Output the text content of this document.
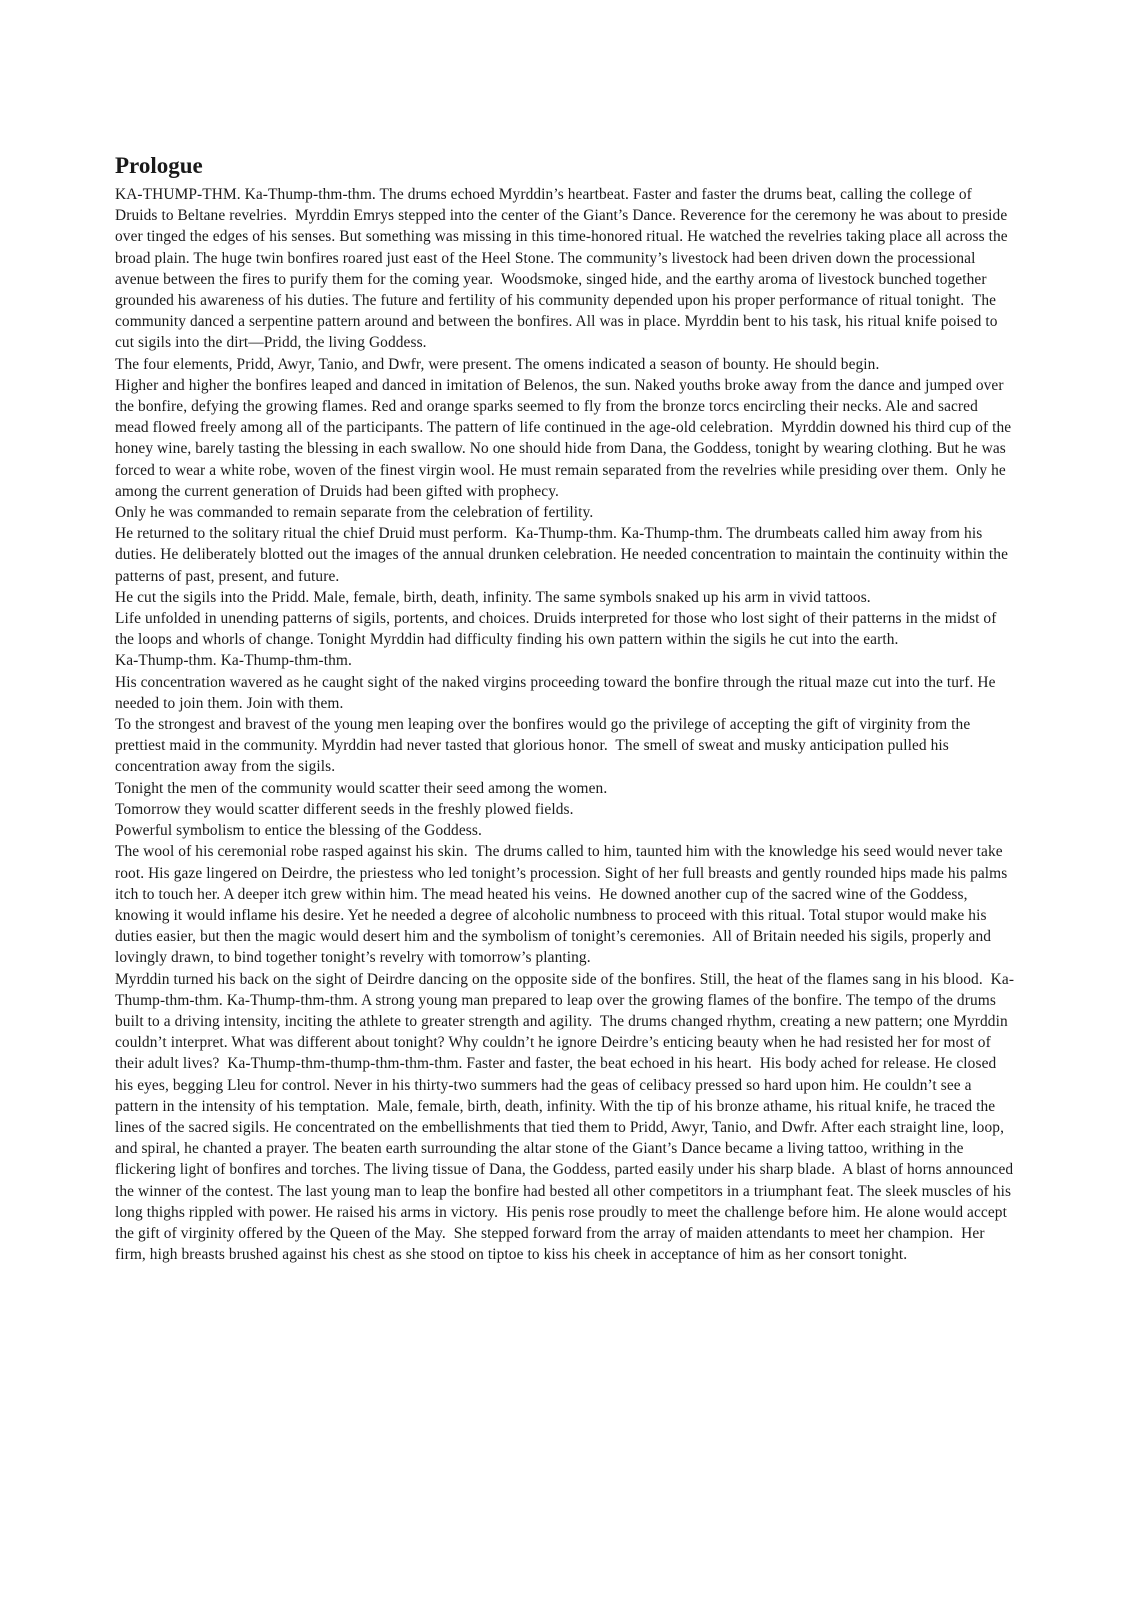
Prologue

KA-THUMP-THM. Ka-Thump-thm-thm. The drums echoed Myrddin’s heartbeat. Faster and faster the drums beat, calling the college of Druids to Beltane revelries.  Myrddin Emrys stepped into the center of the Giant’s Dance. Reverence for the ceremony he was about to preside over tinged the edges of his senses. But something was missing in this time-honored ritual. He watched the revelries taking place all across the broad plain. The huge twin bonfires roared just east of the Heel Stone. The community’s livestock had been driven down the processional avenue between the fires to purify them for the coming year.  Woodsmoke, singed hide, and the earthy aroma of livestock bunched together grounded his awareness of his duties. The future and fertility of his community depended upon his proper performance of ritual tonight.  The community danced a serpentine pattern around and between the bonfires. All was in place. Myrddin bent to his task, his ritual knife poised to cut sigils into the dirt—Pridd, the living Goddess.

The four elements, Pridd, Awyr, Tanio, and Dwfr, were present. The omens indicated a season of bounty. He should begin.

Higher and higher the bonfires leaped and danced in imitation of Belenos, the sun. Naked youths broke away from the dance and jumped over the bonfire, defying the growing flames. Red and orange sparks seemed to fly from the bronze torcs encircling their necks. Ale and sacred mead flowed freely among all of the participants. The pattern of life continued in the age-old celebration.  Myrddin downed his third cup of the honey wine, barely tasting the blessing in each swallow. No one should hide from Dana, the Goddess, tonight by wearing clothing. But he was forced to wear a white robe, woven of the finest virgin wool. He must remain separated from the revelries while presiding over them.  Only he among the current generation of Druids had been gifted with prophecy.

Only he was commanded to remain separate from the celebration of fertility.

He returned to the solitary ritual the chief Druid must perform.  Ka-Thump-thm. Ka-Thump-thm. The drumbeats called him away from his duties. He deliberately blotted out the images of the annual drunken celebration. He needed concentration to maintain the continuity within the patterns of past, present, and future.

He cut the sigils into the Pridd. Male, female, birth, death, infinity. The same symbols snaked up his arm in vivid tattoos.

Life unfolded in unending patterns of sigils, portents, and choices. Druids interpreted for those who lost sight of their patterns in the midst of the loops and whorls of change. Tonight Myrddin had difficulty finding his own pattern within the sigils he cut into the earth.

Ka-Thump-thm. Ka-Thump-thm-thm.

His concentration wavered as he caught sight of the naked virgins proceeding toward the bonfire through the ritual maze cut into the turf. He needed to join them. Join with them.

To the strongest and bravest of the young men leaping over the bonfires would go the privilege of accepting the gift of virginity from the prettiest maid in the community. Myrddin had never tasted that glorious honor.  The smell of sweat and musky anticipation pulled his concentration away from the sigils.

Tonight the men of the community would scatter their seed among the women.

Tomorrow they would scatter different seeds in the freshly plowed fields.

Powerful symbolism to entice the blessing of the Goddess.

The wool of his ceremonial robe rasped against his skin.  The drums called to him, taunted him with the knowledge his seed would never take root. His gaze lingered on Deirdre, the priestess who led tonight’s procession. Sight of her full breasts and gently rounded hips made his palms itch to touch her. A deeper itch grew within him. The mead heated his veins.  He downed another cup of the sacred wine of the Goddess, knowing it would inflame his desire. Yet he needed a degree of alcoholic numbness to proceed with this ritual. Total stupor would make his duties easier, but then the magic would desert him and the symbolism of tonight’s ceremonies.  All of Britain needed his sigils, properly and lovingly drawn, to bind together tonight’s revelry with tomorrow’s planting.

Myrddin turned his back on the sight of Deirdre dancing on the opposite side of the bonfires. Still, the heat of the flames sang in his blood.  Ka-Thump-thm-thm. Ka-Thump-thm-thm. A strong young man prepared to leap over the growing flames of the bonfire. The tempo of the drums built to a driving intensity, inciting the athlete to greater strength and agility.  The drums changed rhythm, creating a new pattern; one Myrddin couldn’t interpret. What was different about tonight? Why couldn’t he ignore Deirdre’s enticing beauty when he had resisted her for most of their adult lives?  Ka-Thump-thm-thump-thm-thm-thm. Faster and faster, the beat echoed in his heart.  His body ached for release. He closed his eyes, begging Lleu for control. Never in his thirty-two summers had the geas of celibacy pressed so hard upon him. He couldn’t see a pattern in the intensity of his temptation.  Male, female, birth, death, infinity. With the tip of his bronze athame, his ritual knife, he traced the lines of the sacred sigils. He concentrated on the embellishments that tied them to Pridd, Awyr, Tanio, and Dwfr. After each straight line, loop, and spiral, he chanted a prayer. The beaten earth surrounding the altar stone of the Giant’s Dance became a living tattoo, writhing in the flickering light of bonfires and torches. The living tissue of Dana, the Goddess, parted easily under his sharp blade.  A blast of horns announced the winner of the contest. The last young man to leap the bonfire had bested all other competitors in a triumphant feat. The sleek muscles of his long thighs rippled with power. He raised his arms in victory.  His penis rose proudly to meet the challenge before him. He alone would accept the gift of virginity offered by the Queen of the May.  She stepped forward from the array of maiden attendants to meet her champion.  Her firm, high breasts brushed against his chest as she stood on tiptoe to kiss his cheek in acceptance of him as her consort tonight.
